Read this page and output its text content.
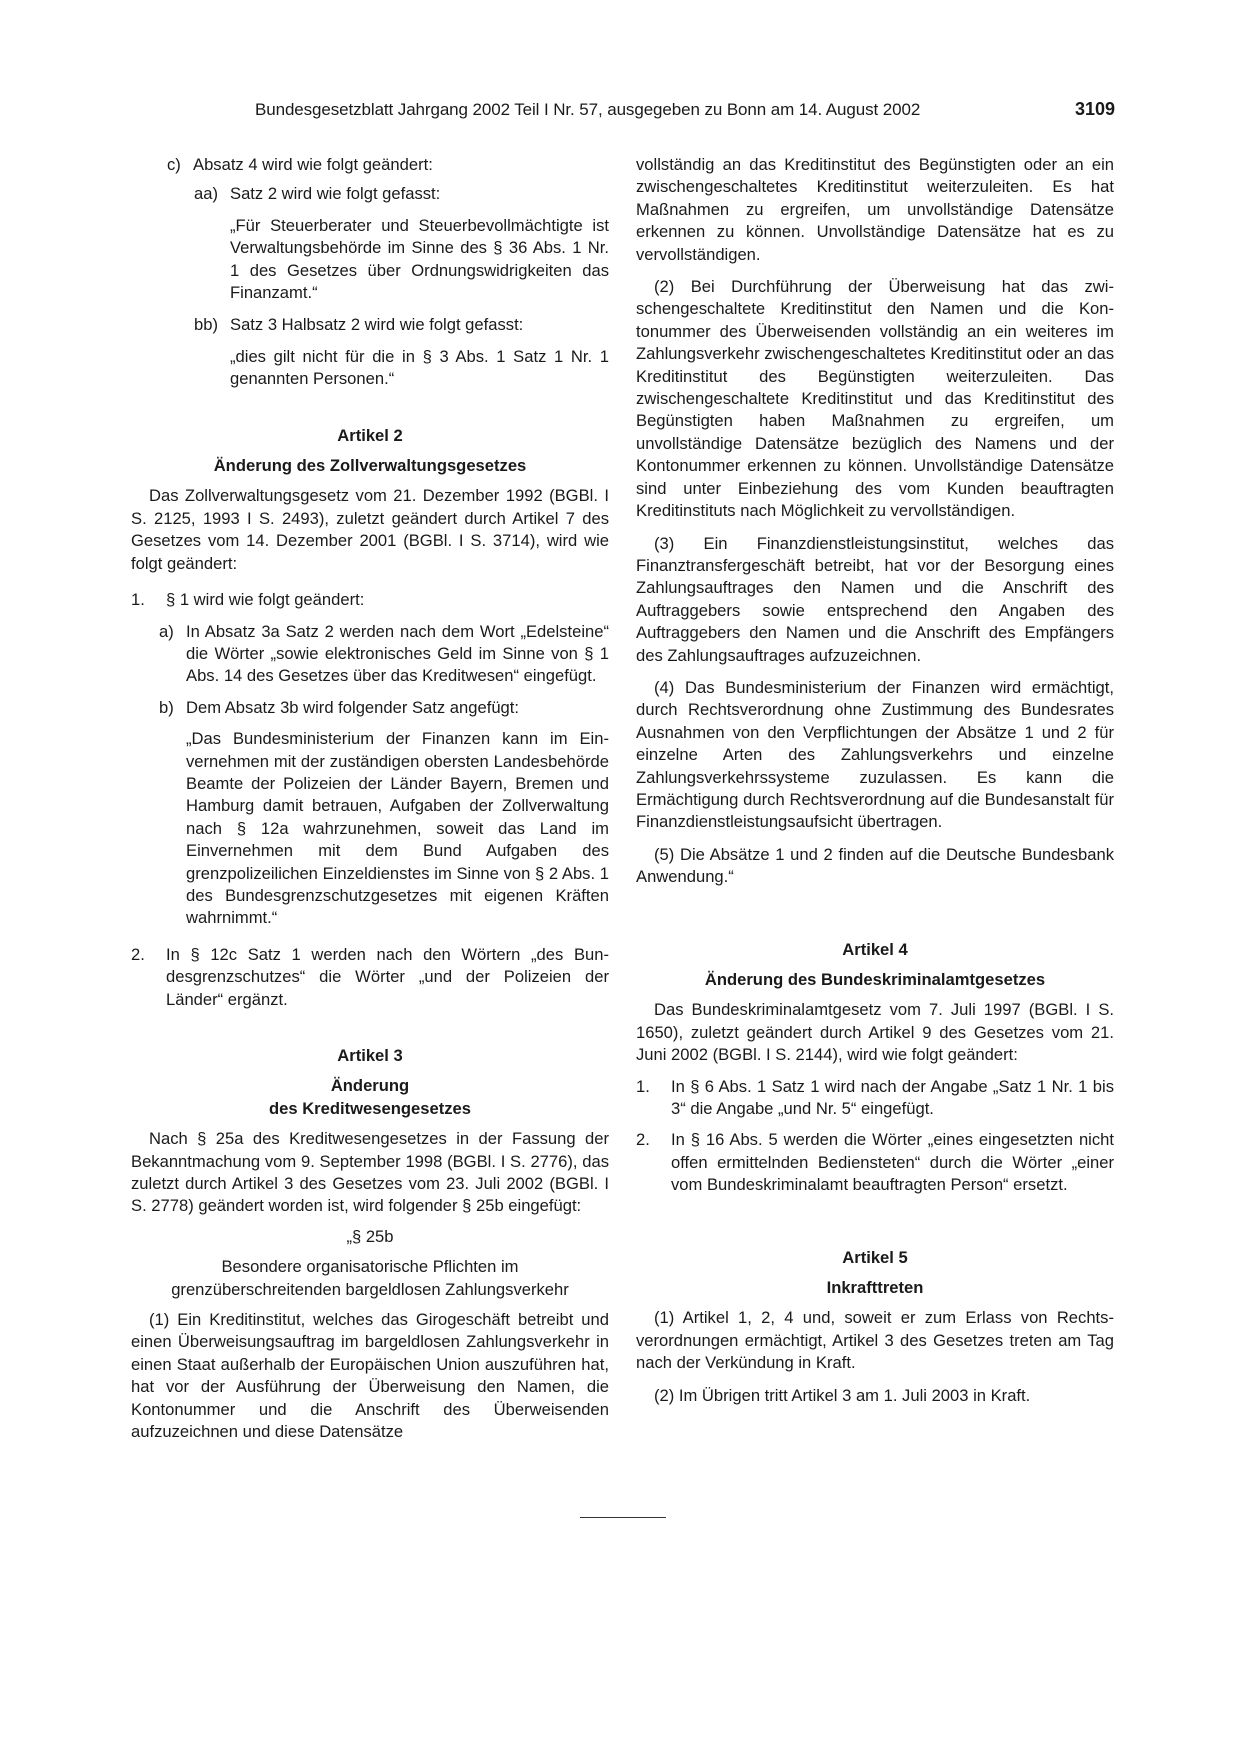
Bundesgesetzblatt Jahrgang 2002 Teil I Nr. 57, ausgegeben zu Bonn am 14. August 2002	3109
c) Absatz 4 wird wie folgt geändert:
aa) Satz 2 wird wie folgt gefasst:

„Für Steuerberater und Steuerbevollmächtigte ist Verwaltungsbehörde im Sinne des § 36 Abs. 1 Nr. 1 des Gesetzes über Ordnungswidrigkeiten das Finanzamt.“

bb) Satz 3 Halbsatz 2 wird wie folgt gefasst:

„dies gilt nicht für die in § 3 Abs. 1 Satz 1 Nr. 1 genannten Personen.“

Artikel 2

Änderung des Zollverwaltungsgesetzes

Das Zollverwaltungsgesetz vom 21. Dezember 1992 (BGBl. I S. 2125, 1993 I S. 2493), zuletzt geändert durch Artikel 7 des Gesetzes vom 14. Dezember 2001 (BGBl. I S. 3714), wird wie folgt geändert:

1. § 1 wird wie folgt geändert:
a) In Absatz 3a Satz 2 werden nach dem Wort „Edelsteine“ die Wörter „sowie elektronisches Geld im Sinne von § 1 Abs. 14 des Gesetzes über das Kreditwesen“ eingefügt.
b) Dem Absatz 3b wird folgender Satz angefügt:

„Das Bundesministerium der Finanzen kann im Einvernehmen mit der zuständigen obersten Landesbehörde Beamte der Polizeien der Länder Bayern, Bremen und Hamburg damit betrauen, Aufgaben der Zollverwaltung nach § 12a wahrzunehmen, soweit das Land im Einvernehmen mit dem Bund Aufgaben des grenzpolizeilichen Einzeldienstes im Sinne von § 2 Abs. 1 des Bundesgrenzschutzgesetzes mit eigenen Kräften wahrnimmt.“

2. In § 12c Satz 1 werden nach den Wörtern „des Bundesgrenzschutzes“ die Wörter „und der Polizeien der Länder“ ergänzt.

Artikel 3

Änderung

des Kreditwesengesetzes

Nach § 25a des Kreditwesengesetzes in der Fassung der Bekanntmachung vom 9. September 1998 (BGBl. I S. 2776), das zuletzt durch Artikel 3 des Gesetzes vom 23. Juli 2002 (BGBl. I S. 2778) geändert worden ist, wird folgender § 25b eingefügt:

„§ 25b

Besondere organisatorische Pflichten im

grenzüberschreitenden bargeldlosen Zahlungsverkehr

(1) Ein Kreditinstitut, welches das Girogeschäft betreibt und einen Überweisungsauftrag im bargeldlosen Zahlungsverkehr in einen Staat außerhalb der Europäischen Union auszuführen hat, hat vor der Ausführung der Überweisung den Namen, die Kontonummer und die Anschrift des Überweisenden aufzuzeichnen und diese Datensätze

vollständig an das Kreditinstitut des Begünstigten oder an ein zwischengeschaltetes Kreditinstitut weiterzuleiten. Es hat Maßnahmen zu ergreifen, um unvollständige Datensätze erkennen zu können. Unvollständige Datensätze hat es zu vervollständigen.

(2) Bei Durchführung der Überweisung hat das zwischengeschaltete Kreditinstitut den Namen und die Kontonummer des Überweisenden vollständig an ein weiteres im Zahlungsverkehr zwischengeschaltetes Kreditinstitut oder an das Kreditinstitut des Begünstigten weiterzuleiten. Das zwischengeschaltete Kreditinstitut und das Kreditinstitut des Begünstigten haben Maßnahmen zu ergreifen, um unvollständige Datensätze bezüglich des Namens und der Kontonummer erkennen zu können. Unvollständige Datensätze sind unter Einbeziehung des vom Kunden beauftragten Kreditinstituts nach Möglichkeit zu vervollständigen.

(3) Ein Finanzdienstleistungsinstitut, welches das Finanztransfergeschäft betreibt, hat vor der Besorgung eines Zahlungsauftrages den Namen und die Anschrift des Auftraggebers sowie entsprechend den Angaben des Auftraggebers den Namen und die Anschrift des Empfängers des Zahlungsauftrages aufzuzeichnen.

(4) Das Bundesministerium der Finanzen wird ermächtigt, durch Rechtsverordnung ohne Zustimmung des Bundesrates Ausnahmen von den Verpflichtungen der Absätze 1 und 2 für einzelne Arten des Zahlungsverkehrs und einzelne Zahlungsverkehrssysteme zuzulassen. Es kann die Ermächtigung durch Rechtsverordnung auf die Bundesanstalt für Finanzdienstleistungsaufsicht übertragen.

(5) Die Absätze 1 und 2 finden auf die Deutsche Bundesbank Anwendung.“

Artikel 4

Änderung des Bundeskriminalamtgesetzes

Das Bundeskriminalamtgesetz vom 7. Juli 1997 (BGBl. I S. 1650), zuletzt geändert durch Artikel 9 des Gesetzes vom 21. Juni 2002 (BGBl. I S. 2144), wird wie folgt geändert:

1. In § 6 Abs. 1 Satz 1 wird nach der Angabe „Satz 1 Nr. 1 bis 3“ die Angabe „und Nr. 5“ eingefügt.
2. In § 16 Abs. 5 werden die Wörter „eines eingesetzten nicht offen ermittelnden Bediensteten“ durch die Wörter „einer vom Bundeskriminalamt beauftragten Person“ ersetzt.

Artikel 5

Inkrafttreten

(1) Artikel 1, 2, 4 und, soweit er zum Erlass von Rechtsverordnungen ermächtigt, Artikel 3 des Gesetzes treten am Tag nach der Verkündung in Kraft.

(2) Im Übrigen tritt Artikel 3 am 1. Juli 2003 in Kraft.
